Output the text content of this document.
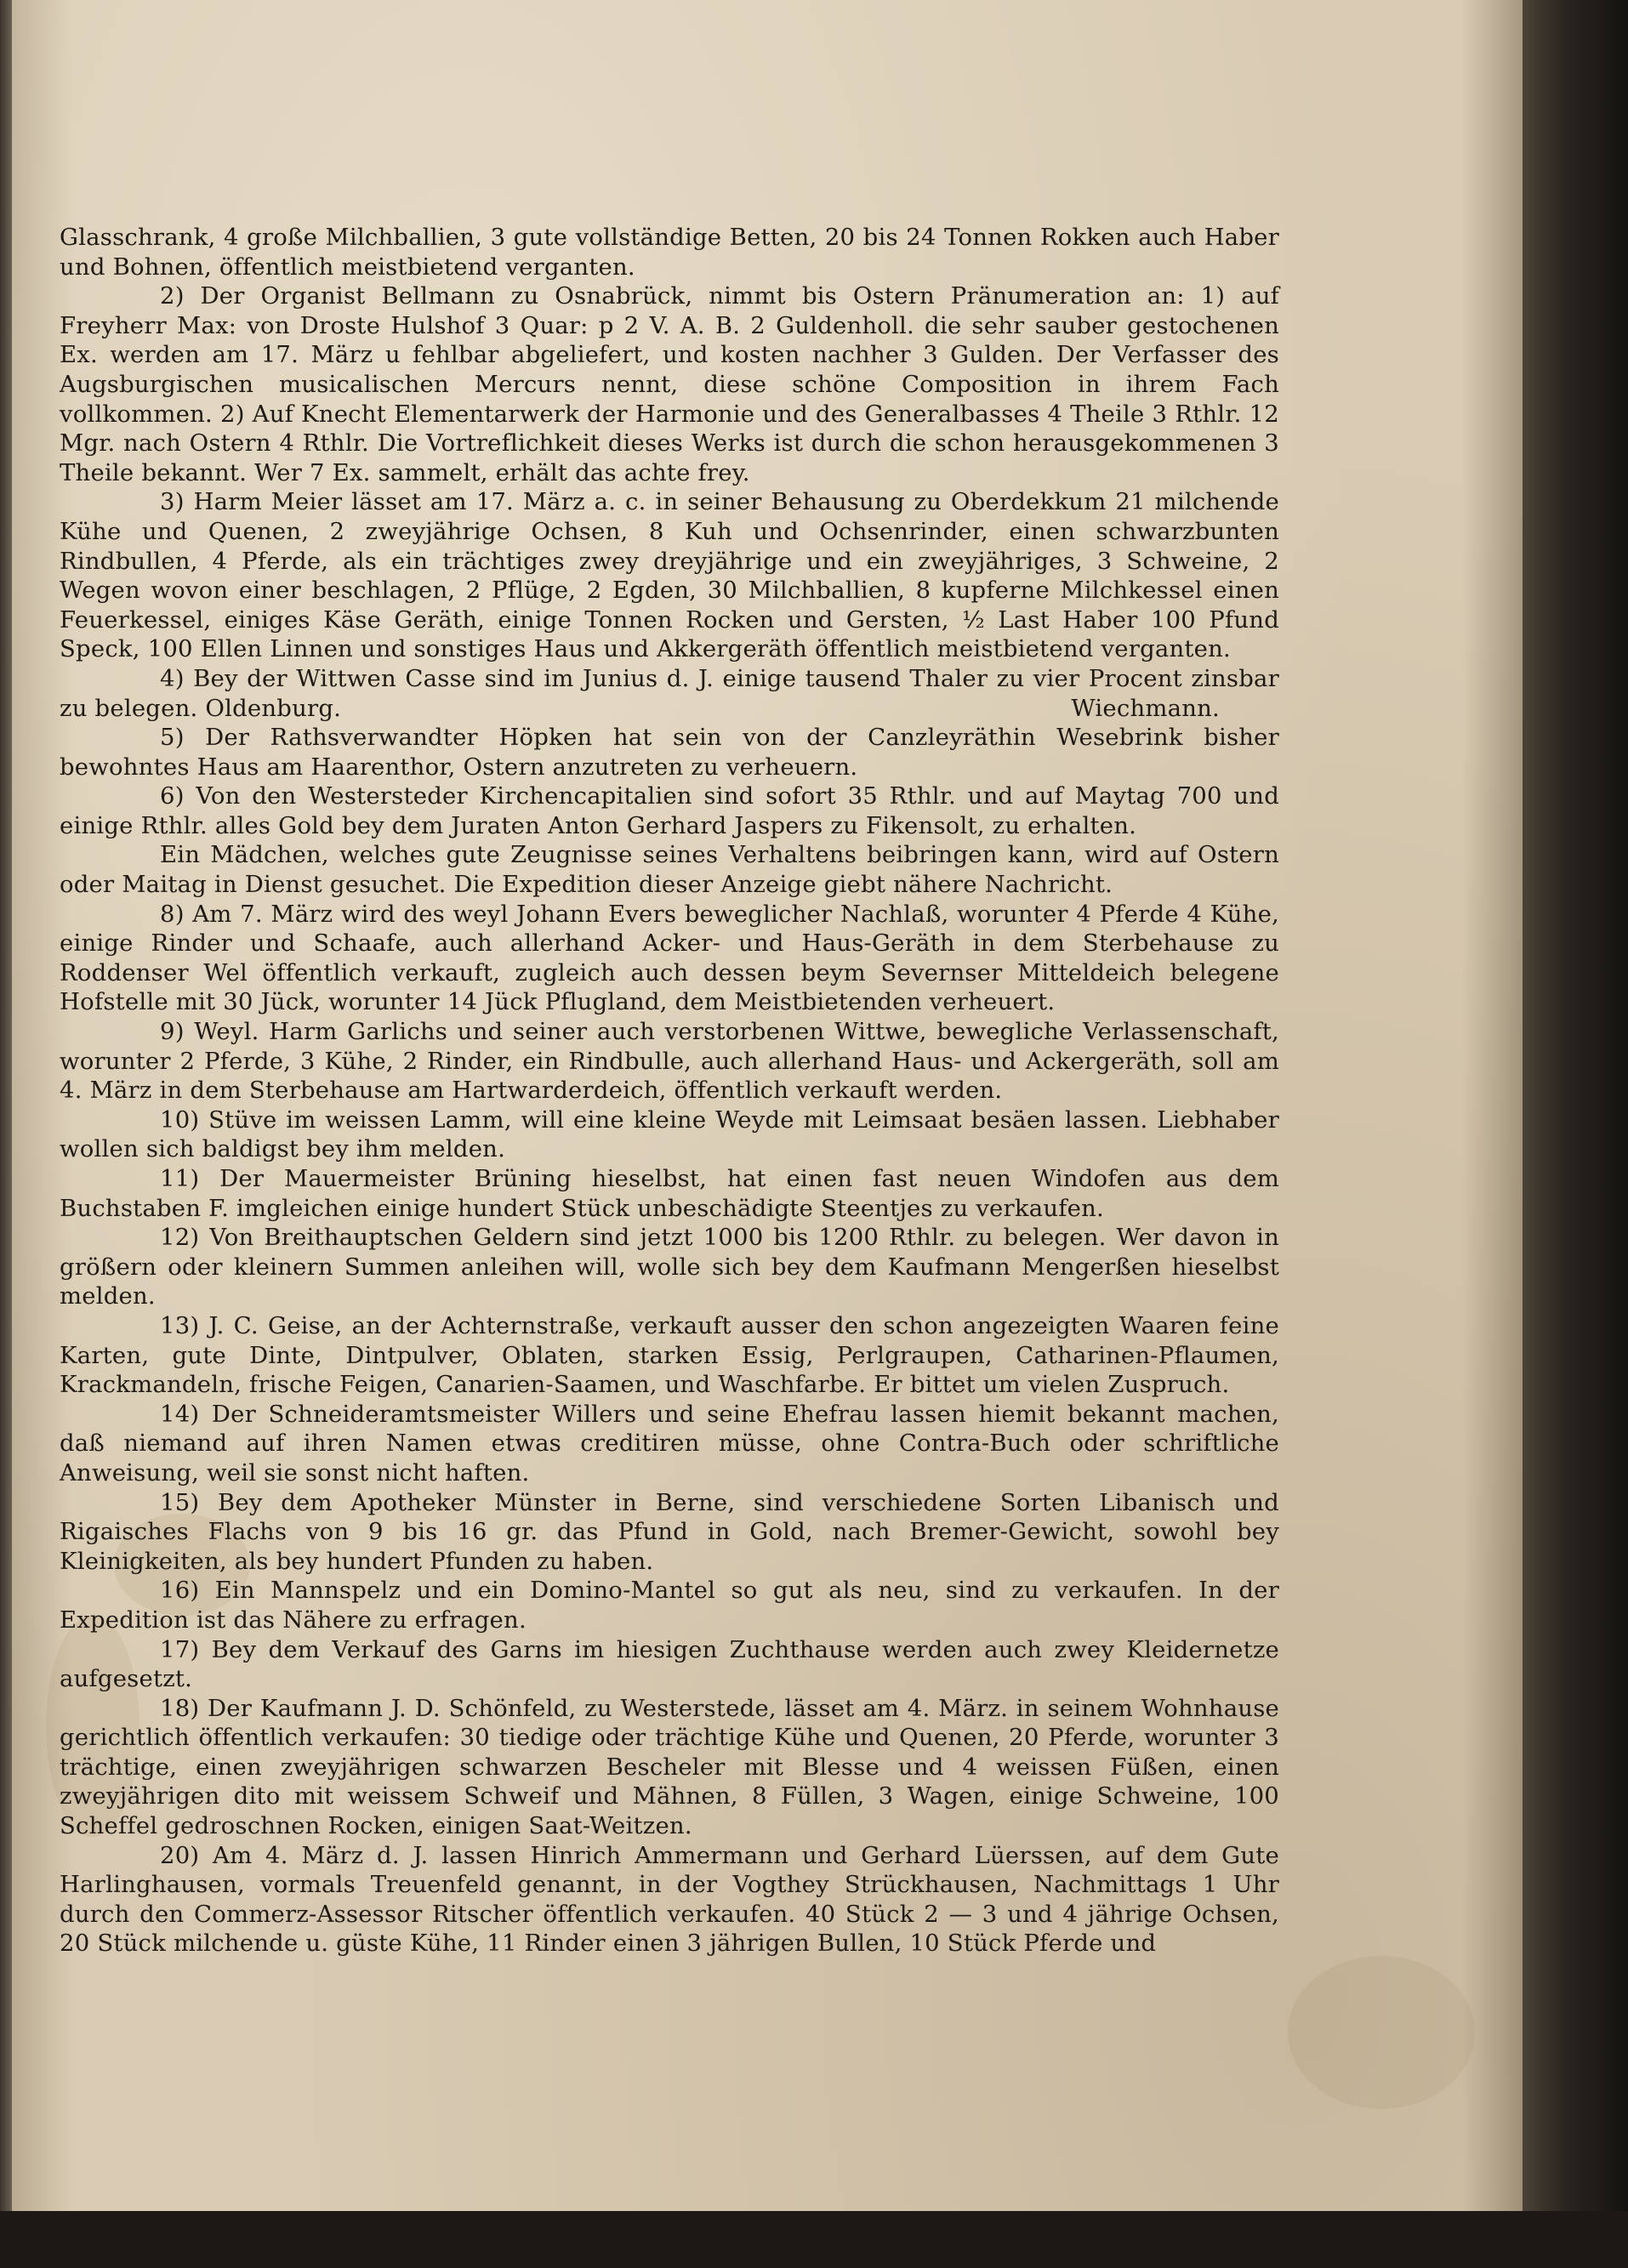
Glasschrank, 4 große Milchballien, 3 gute vollständige Betten, 20 bis 24 Tonnen Rokken auch Haber und Bohnen, öffentlich meistbietend verganten.

2) Der Organist Bellmann zu Osnabrück, nimmt bis Ostern Pränumeration an: 1) auf Freyherr Max: von Droste Hulshof 3 Quar: p 2 V. A. B. 2 Guldenholl. die sehr sauber gestochenen Ex. werden am 17. März u fehlbar abgeliefert, und kosten nachher 3 Gulden. Der Verfasser des Augsburgischen musicalischen Mercurs nennt, diese schöne Composition in ihrem Fach vollkommen. 2) Auf Knecht Elementarwerk der Harmonie und des Generalbasses 4 Theile 3 Rthlr. 12 Mgr. nach Ostern 4 Rthlr. Die Vortreflichkeit dieses Werks ist durch die schon herausgekommenen 3 Theile bekannt. Wer 7 Ex. sammelt, erhält das achte frey.

3) Harm Meier lässet am 17. März a. c. in seiner Behausung zu Oberdekkum 21 milchende Kühe und Quenen, 2 zweyjährige Ochsen, 8 Kuh und Ochsenrinder, einen schwarzbunten Rindbullen, 4 Pferde, als ein trächtiges zwey dreyjährige und ein zweyjähriges, 3 Schweine, 2 Wegen wovon einer beschlagen, 2 Pflüge, 2 Egden, 30 Milchballien, 8 kupferne Milchkessel einen Feuerkessel, einiges Käse Geräth, einige Tonnen Rocken und Gersten, ½ Last Haber 100 Pfund Speck, 100 Ellen Linnen und sonstiges Haus und Akkergeräth öffentlich meistbietend verganten.

4) Bey der Wittwen Casse sind im Junius d. J. einige tausend Thaler zu vier Procent zinsbar zu belegen. Oldenburg.	Wiechmann.

5) Der Rathsverwandter Höpken hat sein von der Canzleyräthin Wesebrink bisher bewohntes Haus am Haarenthor, Ostern anzutreten zu verheuern.

6) Von den Westersteder Kirchencapitalien sind sofort 35 Rthlr. und auf Maytag 700 und einige Rthlr. alles Gold bey dem Juraten Anton Gerhard Jaspers zu Fikensolt, zu erhalten.

Ein Mädchen, welches gute Zeugnisse seines Verhaltens beibringen kann, wird auf Ostern oder Maitag in Dienst gesuchet. Die Expedition dieser Anzeige giebt nähere Nachricht.

8) Am 7. März wird des weyl Johann Evers beweglicher Nachlaß, worunter 4 Pferde 4 Kühe, einige Rinder und Schaafe, auch allerhand Acker- und Haus-Geräth in dem Sterbehause zu Roddenser Wel öffentlich verkauft, zugleich auch dessen beym Severnser Mitteldeich belegene Hofstelle mit 30 Jück, worunter 14 Jück Pflugland, dem Meistbietenden verheuert.

9) Weyl. Harm Garlichs und seiner auch verstorbenen Wittwe, bewegliche Verlassenschaft, worunter 2 Pferde, 3 Kühe, 2 Rinder, ein Rindbulle, auch allerhand Haus- und Ackergeräth, soll am 4. März in dem Sterbehause am Hartwarderdeich, öffentlich verkauft werden.

10) Stüve im weissen Lamm, will eine kleine Weyde mit Leimsaat besäen lassen. Liebhaber wollen sich baldigst bey ihm melden.

11) Der Mauermeister Brüning hieselbst, hat einen fast neuen Windofen aus dem Buchstaben F. imgleichen einige hundert Stück unbeschädigte Steentjes zu verkaufen.

12) Von Breithauptschen Geldern sind jetzt 1000 bis 1200 Rthlr. zu belegen. Wer davon in größern oder kleinern Summen anleihen will, wolle sich bey dem Kaufmann Mengerßen hieselbst melden.

13) J. C. Geise, an der Achternstraße, verkauft ausser den schon angezeigten Waaren feine Karten, gute Dinte, Dintpulver, Oblaten, starken Essig, Perlgraupen, Catharinen-Pflaumen, Krackmandeln, frische Feigen, Canarien-Saamen, und Waschfarbe. Er bittet um vielen Zuspruch.

14) Der Schneideramtsmeister Willers und seine Ehefrau lassen hiemit bekannt machen, daß niemand auf ihren Namen etwas creditiren müsse, ohne Contra-Buch oder schriftliche Anweisung, weil sie sonst nicht haften.

15) Bey dem Apotheker Münster in Berne, sind verschiedene Sorten Libanisch und Rigaisches Flachs von 9 bis 16 gr. das Pfund in Gold, nach Bremer-Gewicht, sowohl bey Kleinigkeiten, als bey hundert Pfunden zu haben.

16) Ein Mannspelz und ein Domino-Mantel so gut als neu, sind zu verkaufen. In der Expedition ist das Nähere zu erfragen.

17) Bey dem Verkauf des Garns im hiesigen Zuchthause werden auch zwey Kleidernetze aufgesetzt.

18) Der Kaufmann J. D. Schönfeld, zu Westerstede, lässet am 4. März. in seinem Wohnhause gerichtlich öffentlich verkaufen: 30 tiedige oder trächtige Kühe und Quenen, 20 Pferde, worunter 3 trächtige, einen zweyjährigen schwarzen Bescheler mit Blesse und 4 weissen Füßen, einen zweyjährigen dito mit weissem Schweif und Mähnen, 8 Füllen, 3 Wagen, einige Schweine, 100 Scheffel gedroschnen Rocken, einigen Saat-Weitzen.

20) Am 4. März d. J. lassen Hinrich Ammermann und Gerhard Lüerssen, auf dem Gute Harlinghausen, vormals Treuenfeld genannt, in der Vogthey Strückhausen, Nachmittags 1 Uhr durch den Commerz-Assessor Ritscher öffentlich verkaufen. 40 Stück 2 — 3 und 4 jährige Ochsen, 20 Stück milchende u. güste Kühe, 11 Rinder einen 3 jährigen Bullen, 10 Stück Pferde und
